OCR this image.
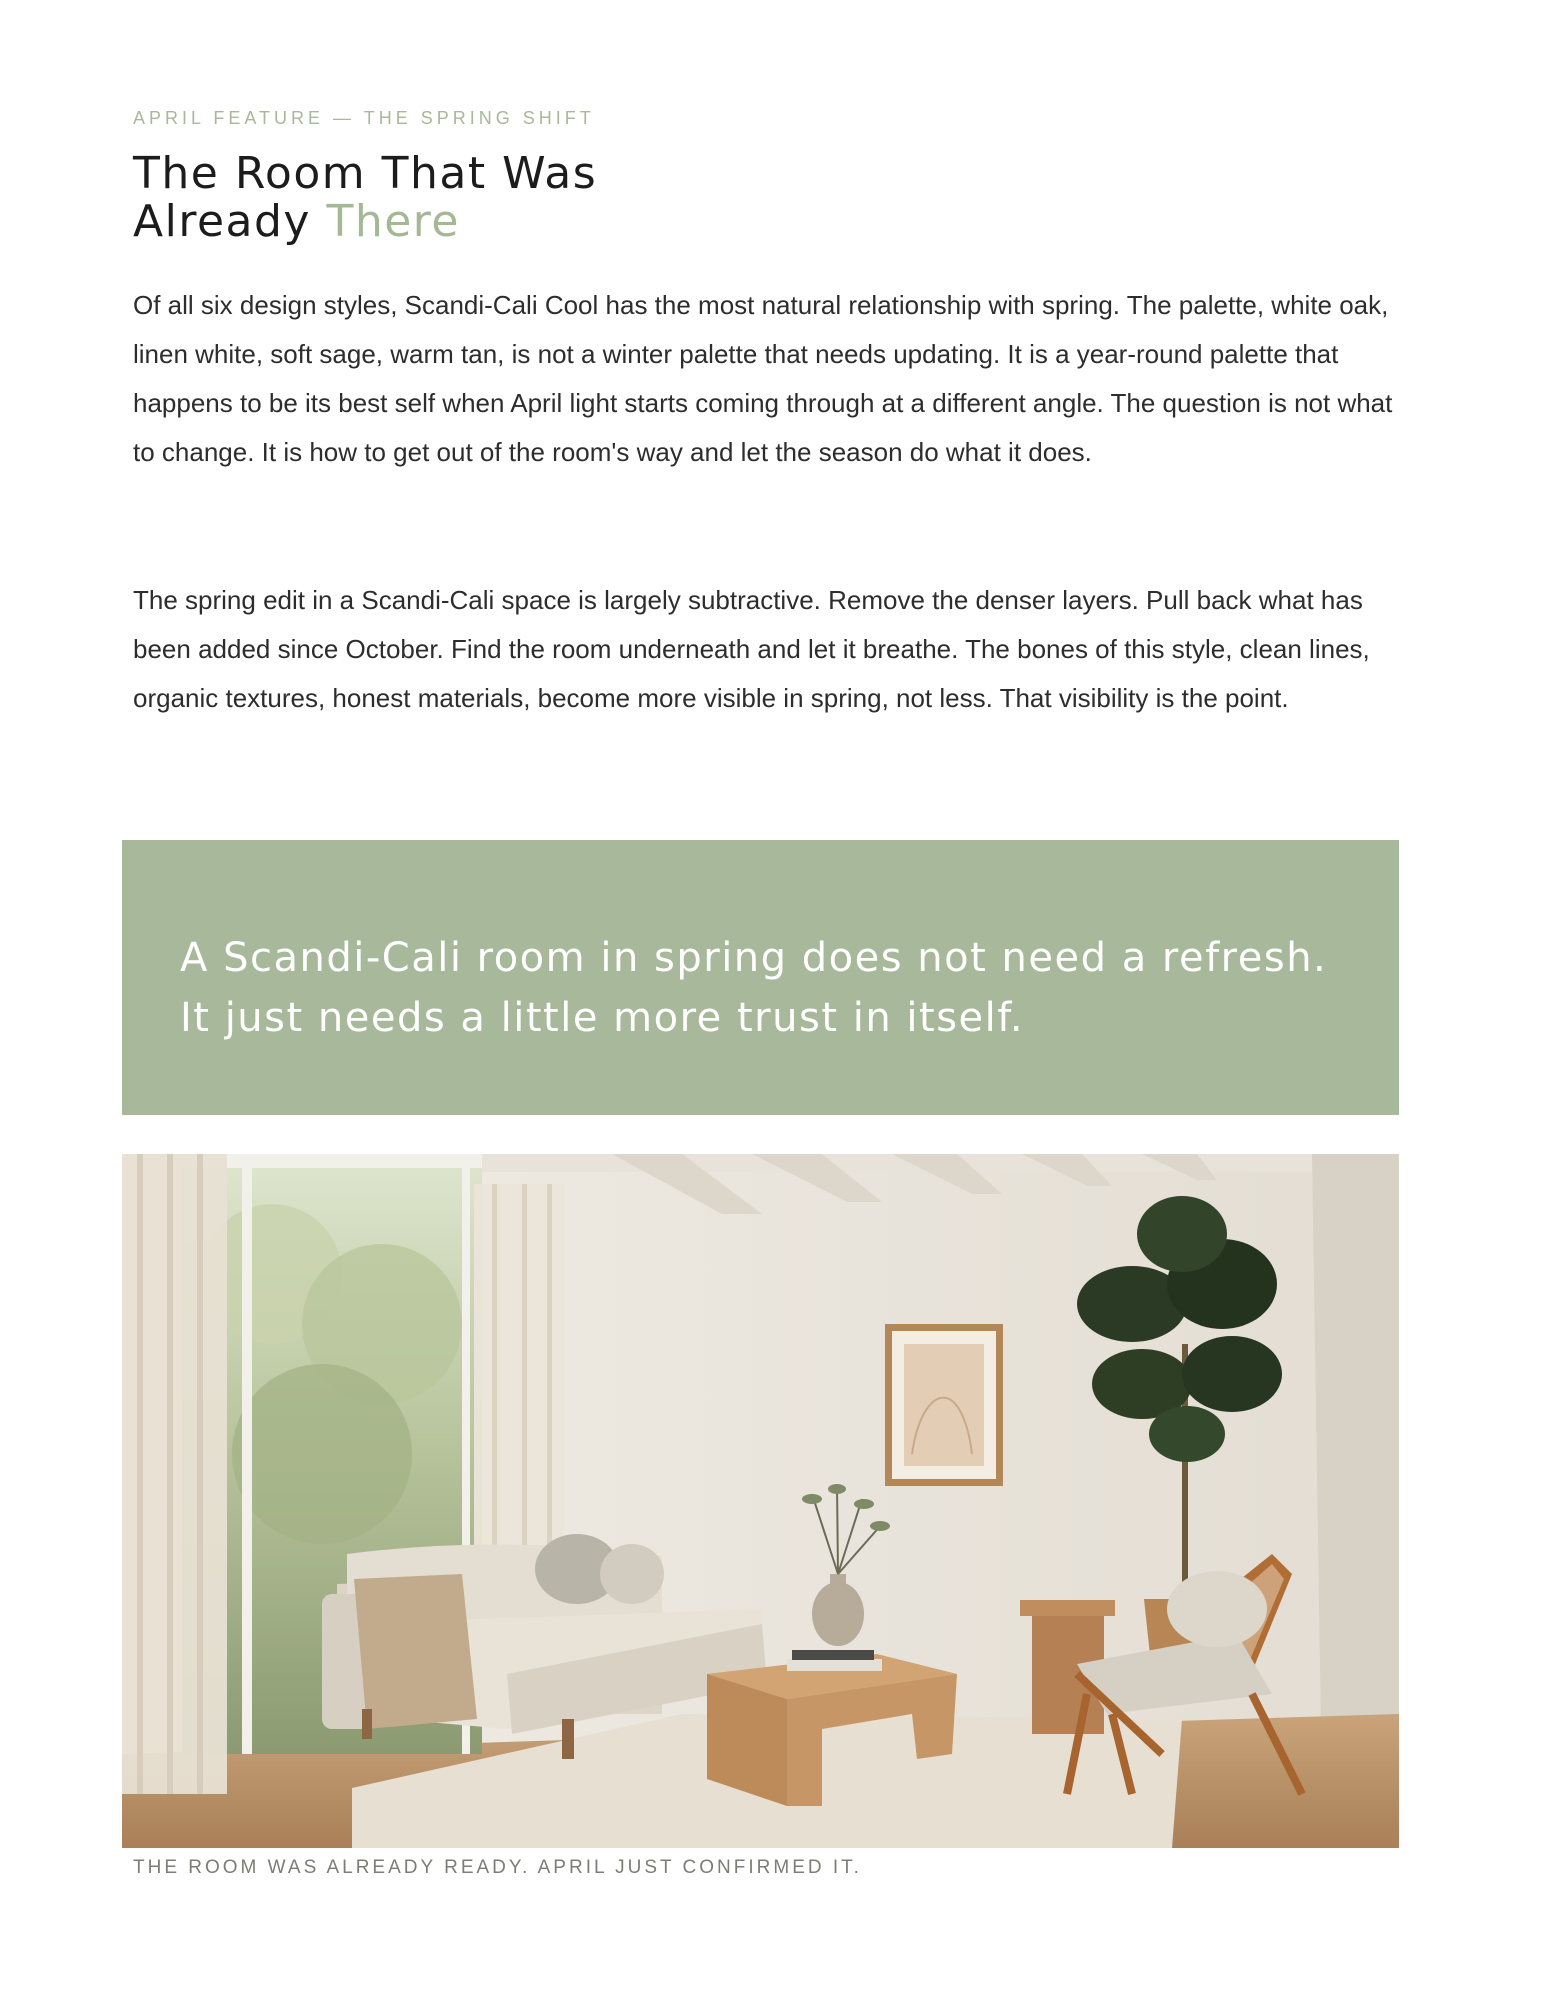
APRIL FEATURE — THE SPRING SHIFT
The Room That Was
Already There

Of all six design styles, Scandi-Cali Cool has the most natural relationship with spring. The palette, white oak, linen white, soft sage, warm tan, is not a winter palette that needs updating. It is a year-round palette that happens to be its best self when April light starts coming through at a different angle. The question is not what to change. It is how to get out of the room's way and let the season do what it does.

The spring edit in a Scandi-Cali space is largely subtractive. Remove the denser layers. Pull back what has been added since October. Find the room underneath and let it breathe. The bones of this style, clean lines, organic textures, honest materials, become more visible in spring, not less. That visibility is the point.

A Scandi-Cali room in spring does not need a refresh. It just needs a little more trust in itself.

THE ROOM WAS ALREADY READY. APRIL JUST CONFIRMED IT.
